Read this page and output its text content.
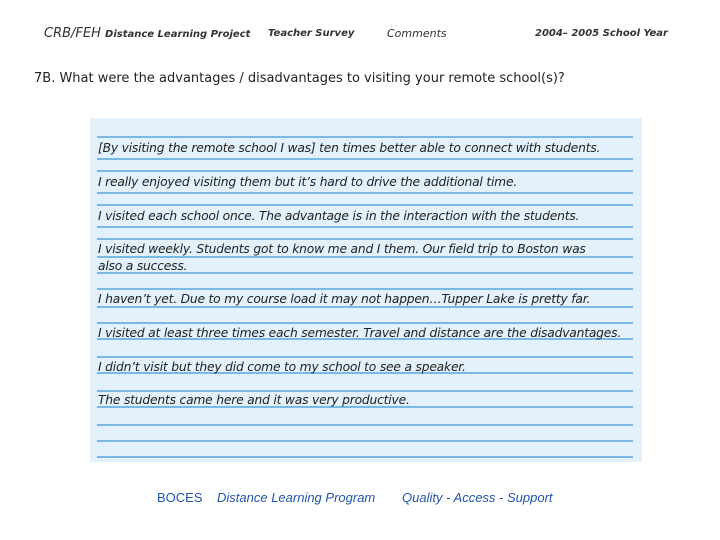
CRB/FEH Distance Learning Project Teacher Survey	Comments	2004– 2005 School Year
7B. What were the advantages / disadvantages to visiting your remote school(s)?
[By visiting the remote school I was] ten times better able to connect with students.
I really enjoyed visiting them but it’s hard to drive the additional time.
I visited each school once. The advantage is in the interaction with the students.
I visited weekly. Students got to know me and I them. Our field trip to Boston was
also a success.
I haven’t yet. Due to my course load it may not happen…Tupper Lake is pretty far.
I visited at least three times each semester. Travel and distance are the disadvantages.
I didn’t visit but they did come to my school to see a speaker.
The students came here and it was very productive.
BOCES Distance Learning Program Quality - Access - Support
